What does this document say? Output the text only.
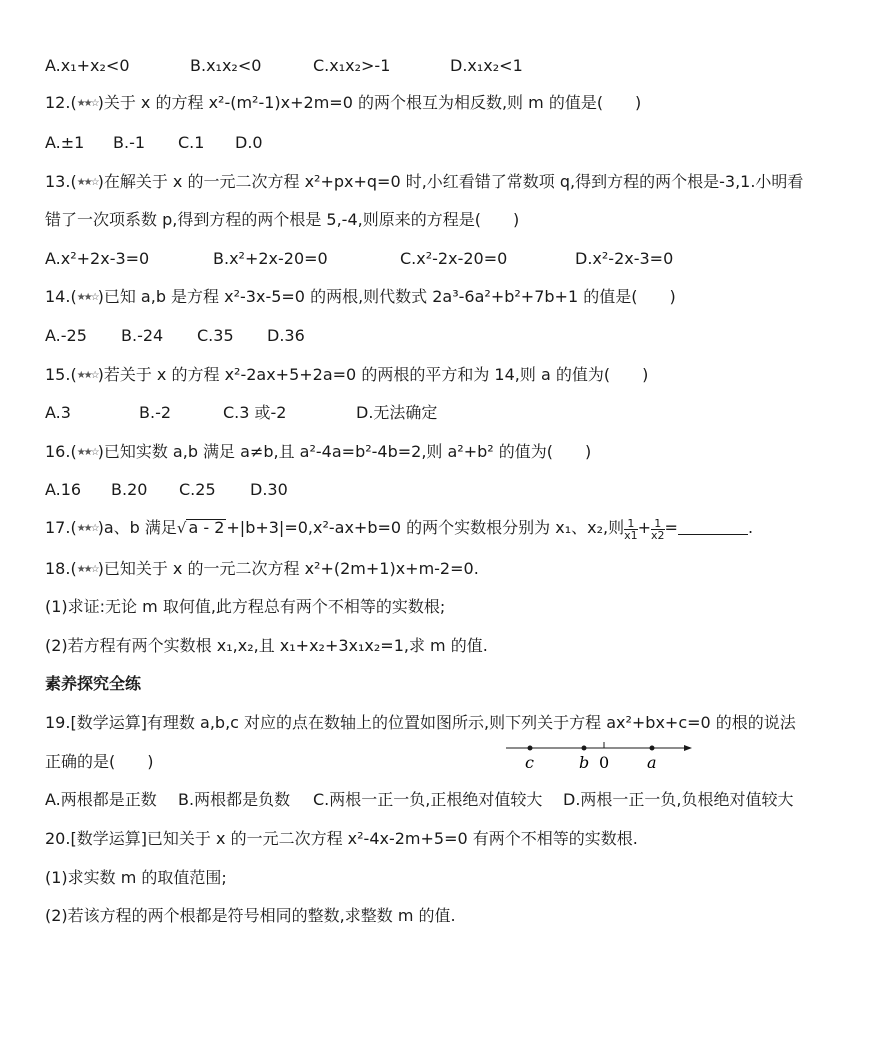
A.x₁+x₂<0	B.x₁x₂<0	C.x₁x₂>-1	D.x₁x₂<1
12.(★★☆)关于 x 的方程 x²-(m²-1)x+2m=0 的两个根互为相反数,则 m 的值是(　　)
A.±1 B.-1 C.1 D.0
13.(★★☆)在解关于 x 的一元二次方程 x²+px+q=0 时,小红看错了常数项 q,得到方程的两个根是-3,1.小明看
错了一次项系数 p,得到方程的两个根是 5,-4,则原来的方程是(　　)
A.x²+2x-3=0	B.x²+2x-20=0	C.x²-2x-20=0	D.x²-2x-3=0
14.(★★☆)已知 a,b 是方程 x²-3x-5=0 的两根,则代数式 2a³-6a²+b²+7b+1 的值是(　　)
A.-25 B.-24 C.35 D.36
15.(★★☆)若关于 x 的方程 x²-2ax+5+2a=0 的两根的平方和为 14,则 a 的值为(　　)
A.3	B.-2	C.3 或-2	D.无法确定
16.(★★☆)已知实数 a,b 满足 a≠b,且 a²-4a=b²-4b=2,则 a²+b² 的值为(　　)
A.16 B.20 C.25 D.30
17.(★★☆)a、b 满足√ a - 2 +|b+3|=0,x²-ax+b=0 的两个实数根分别为 x₁、x₂,则 $\frac{1}{x1} + \frac{1}{x2}$ =	.
18.(★★☆)已知关于 x 的一元二次方程 x²+(2m+1)x+m-2=0.
(1)求证:无论 m 取何值,此方程总有两个不相等的实数根;
(2)若方程有两个实数根 x₁,x₂,且 x₁+x₂+3x₁x₂=1,求 m 的值.
素养探究全练
19.[数学运算]有理数 a,b,c 对应的点在数轴上的位置如图所示,则下列关于方程 ax²+bx+c=0 的根的说法
正确的是(　　)	c	b 0 a
A.两根都是正数 B.两根都是负数 C.两根一正一负,正根绝对值较大 D.两根一正一负,负根绝对值较大
20.[数学运算]已知关于 x 的一元二次方程 x²-4x-2m+5=0 有两个不相等的实数根.
(1)求实数 m 的取值范围;
(2)若该方程的两个根都是符号相同的整数,求整数 m 的值.
